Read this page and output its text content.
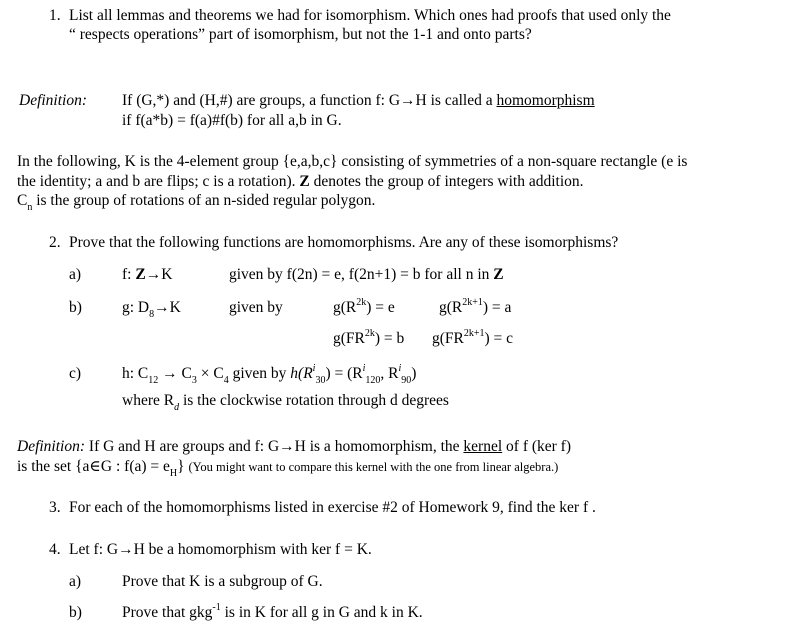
1. List all lemmas and theorems we had for isomorphism. Which ones had proofs that used only the
“ respects operations” part of isomorphism, but not the 1-1 and onto parts?
Definition: If (G,*) and (H,#) are groups, a function f: G→H is called a homomorphism
if f(a*b) = f(a)#f(b) for all a,b in G.
In the following, K is the 4-element group {e,a,b,c} consisting of symmetries of a non-square rectangle (e is
the identity; a and b are flips; c is a rotation). Z denotes the group of integers with addition.
$C_n$ is the group of rotations of an n-sided regular polygon.
2. Prove that the following functions are homomorphisms. Are any of these isomorphisms?
a)	f: Z→K	given by f(2n) = e, f(2n+1) = b for all n in Z
b)	g: $D_8\to K$	given by	$g(R^{2k}) = e$	$g(R^{2k+1}) = a$
$g(FR^{2k}) = b$ $g(FR^{2k+1}) = c$
c)	h: $C_{12} \to C_3 \times C_4$ given by $h(R^i_{30}) = (R^i_{120}$, $R^i_{90}$)
where $R_d$ is the clockwise rotation through d degrees
Definition: If G and H are groups and f: G→H is a homomorphism, the kernel of f (ker f)
is the set {a∈G : $f(a) = e_H$} (You might want to compare this kernel with the one from linear algebra.)
3. For each of the homomorphisms listed in exercise #2 of Homework 9, find the ker f .
4. Let f: G→H be a homomorphism with ker f = K.
a)	Prove that K is a subgroup of G.
b)	Prove that gkg$^{-1}$ is in K for all g in G and k in K.
